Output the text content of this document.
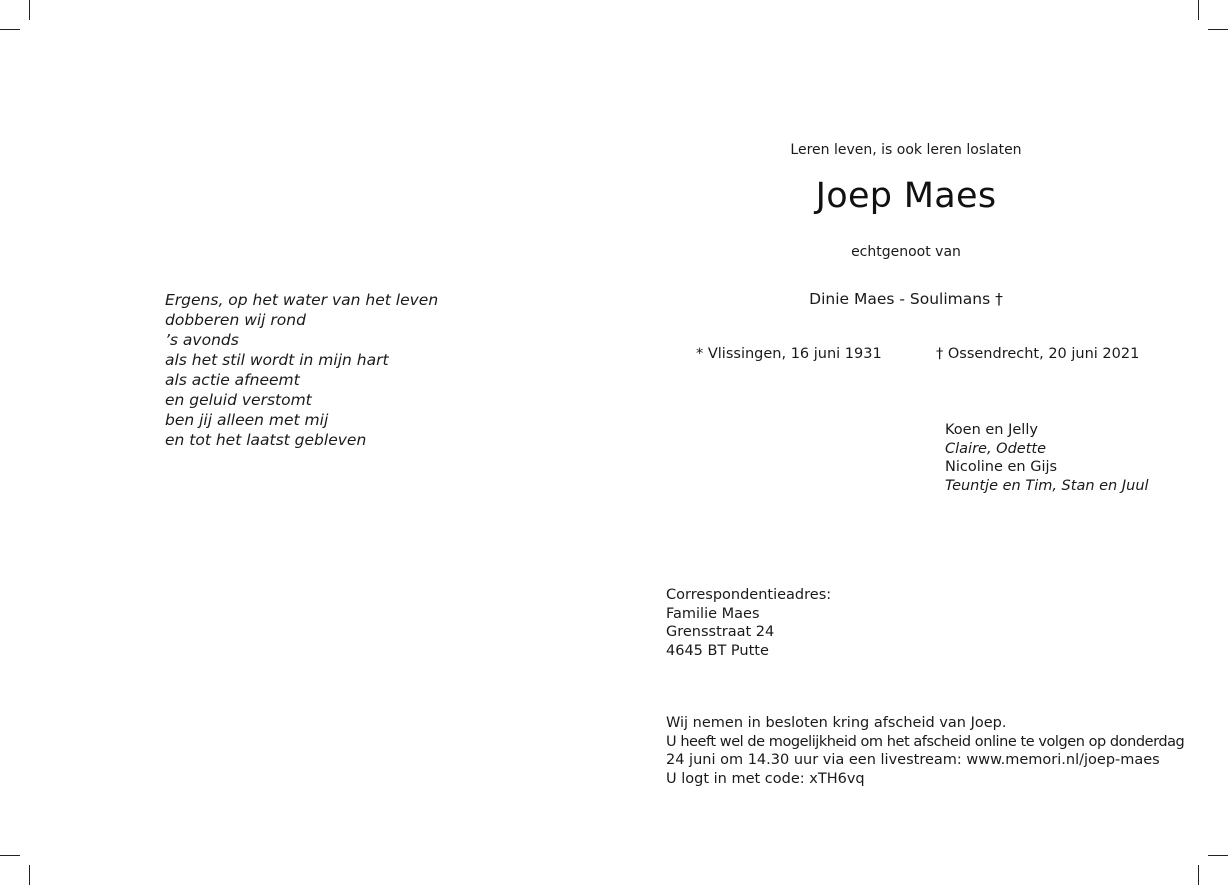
Ergens, op het water van het leven
dobberen wij rond
’s avonds
als het stil wordt in mijn hart
als actie afneemt
en geluid verstomt
ben jij alleen met mij
en tot het laatst gebleven
Leren leven, is ook leren loslaten
Joep Maes
echtgenoot van
Dinie Maes - Soulimans †
* Vlissingen, 16 juni 1931	† Ossendrecht, 20 juni 2021
Koen en Jelly
Claire, Odette
Nicoline en Gijs
Teuntje en Tim, Stan en Juul
Correspondentieadres:
Familie Maes
Grensstraat 24
4645 BT Putte
Wij nemen in besloten kring afscheid van Joep.
U heeft wel de mogelijkheid om het afscheid online te volgen op donderdag
24 juni om 14.30 uur via een livestream: www.memori.nl/joep-maes
U logt in met code: xTH6vq
